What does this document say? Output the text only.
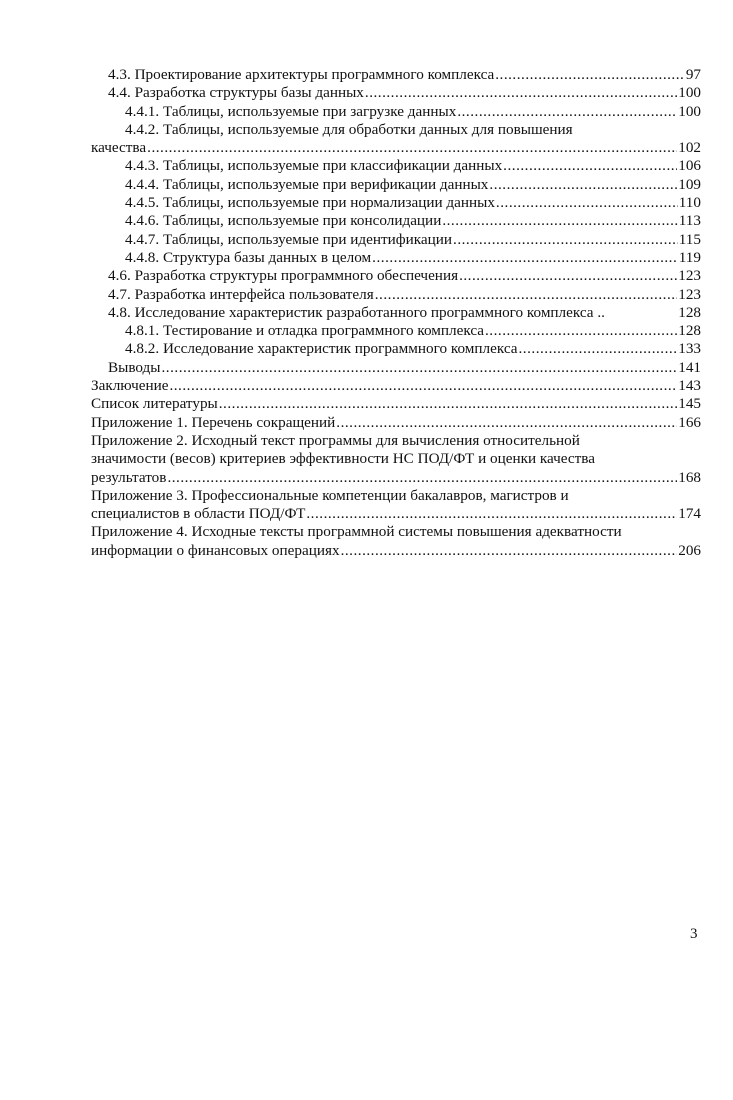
4.3. Проектирование архитектуры программного комплекса .....	97
4.4. Разработка структуры базы данных .....	100
4.4.1. Таблицы, используемые при загрузке данных .....	100
4.4.2. Таблицы, используемые для обработки данных для повышения
качества .....	102
4.4.3. Таблицы, используемые при классификации данных .....	106
4.4.4. Таблицы, используемые при верификации данных .....	109
4.4.5. Таблицы, используемые при нормализации данных .....	110
4.4.6. Таблицы, используемые при консолидации .....	113
4.4.7. Таблицы, используемые при идентификации .....	115
4.4.8. Структура базы данных в целом .....	119
4.6. Разработка структуры программного обеспечения .....	123
4.7. Разработка интерфейса пользователя .....	123
4.8. Исследование характеристик разработанного программного комплекса ..	128
4.8.1. Тестирование и отладка программного комплекса .....	128
4.8.2. Исследование характеристик программного комплекса .....	133
Выводы .....	141
Заключение .....	143
Список литературы .....	145
Приложение 1. Перечень сокращений .....	166
Приложение 2. Исходный текст программы для вычисления относительной
значимости (весов) критериев эффективности НС ПОД/ФТ и оценки качества
результатов .....	168
Приложение 3. Профессиональные компетенции бакалавров, магистров и
специалистов в области ПОД/ФТ .....	174
Приложение 4. Исходные тексты программной системы повышения адекватности
информации о финансовых операциях .....	206
3
